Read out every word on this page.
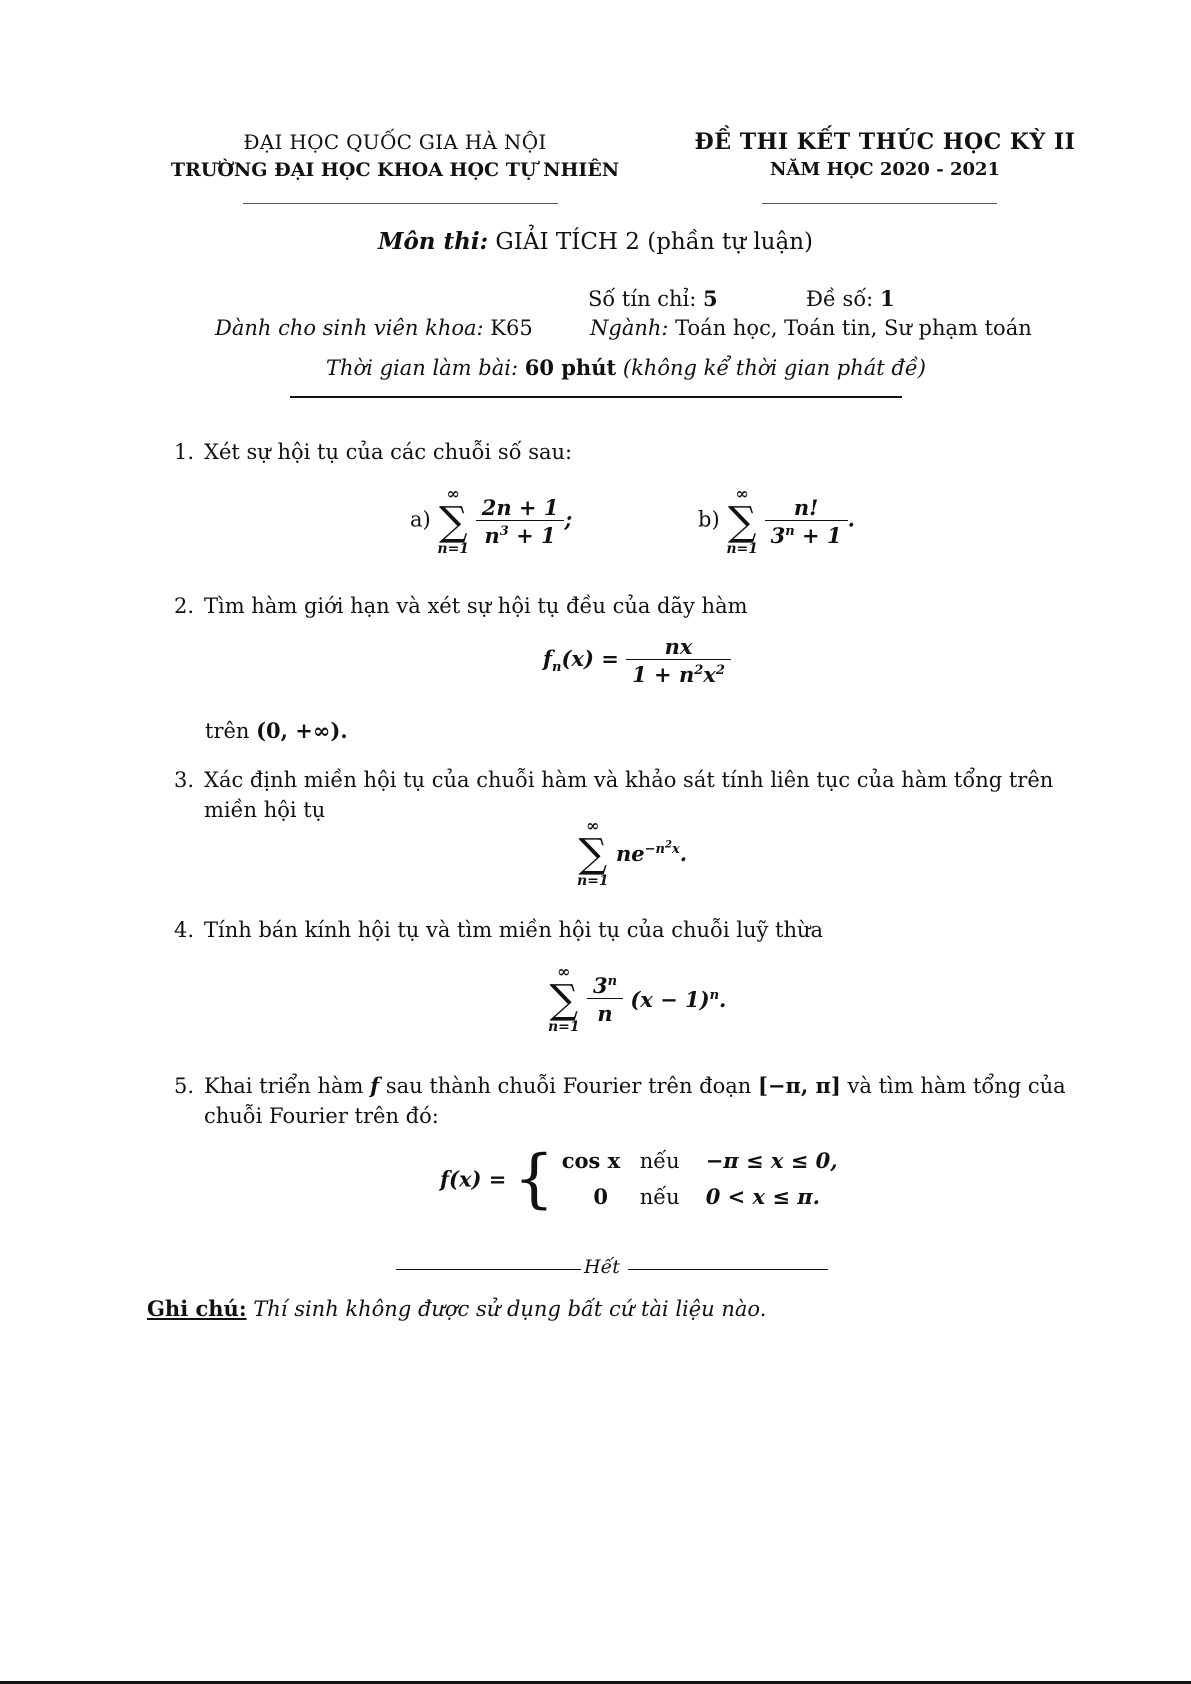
ĐẠI HỌC QUỐC GIA HÀ NỘI
TRƯỜNG ĐẠI HỌC KHOA HỌC TỰ NHIÊN
ĐỀ THI KẾT THÚC HỌC KỲ II
NĂM HỌC 2020 - 2021
Môn thi: GIẢI TÍCH 2 (phần tự luận)
Số tín chỉ: 5	Đề số: 1
Dành cho sinh viên khoa: K65	Ngành: Toán học, Toán tin, Sư phạm toán
Thời gian làm bài: 60 phút (không kể thời gian phát đề)
1. Xét sự hội tụ của các chuỗi số sau:
a)
∞
∑
n=1

$\frac{2n + 1}{n^3 + 1}$ ;	b)
∞
∑
n=1

$\frac{n!}{3^n + 1}$ .
2. Tìm hàm giới hạn và xét sự hội tụ đều của dãy hàm
$f_n(x) = \frac{nx}{1 + n^2x^2}$
trên (0, +∞).
3. Xác định miền hội tụ của chuỗi hàm và khảo sát tính liên tục của hàm tổng trên miền hội tụ
∞
∑
n=1
$ne^{-n^2x}$.
4. Tính bán kính hội tụ và tìm miền hội tụ của chuỗi luỹ thừa
∞
∑
n=1

$\frac{3^n}{n} (x - 1)^n$.
5. Khai triển hàm f sau thành chuỗi Fourier trên đoạn [−π, π] và tìm hàm tổng của chuỗi Fourier trên đó:
f(x) = { cos x nếu −π ≤ x ≤ 0,
0 nếu 0 < x ≤ π.
Hết
Ghi chú: Thí sinh không được sử dụng bất cứ tài liệu nào.
